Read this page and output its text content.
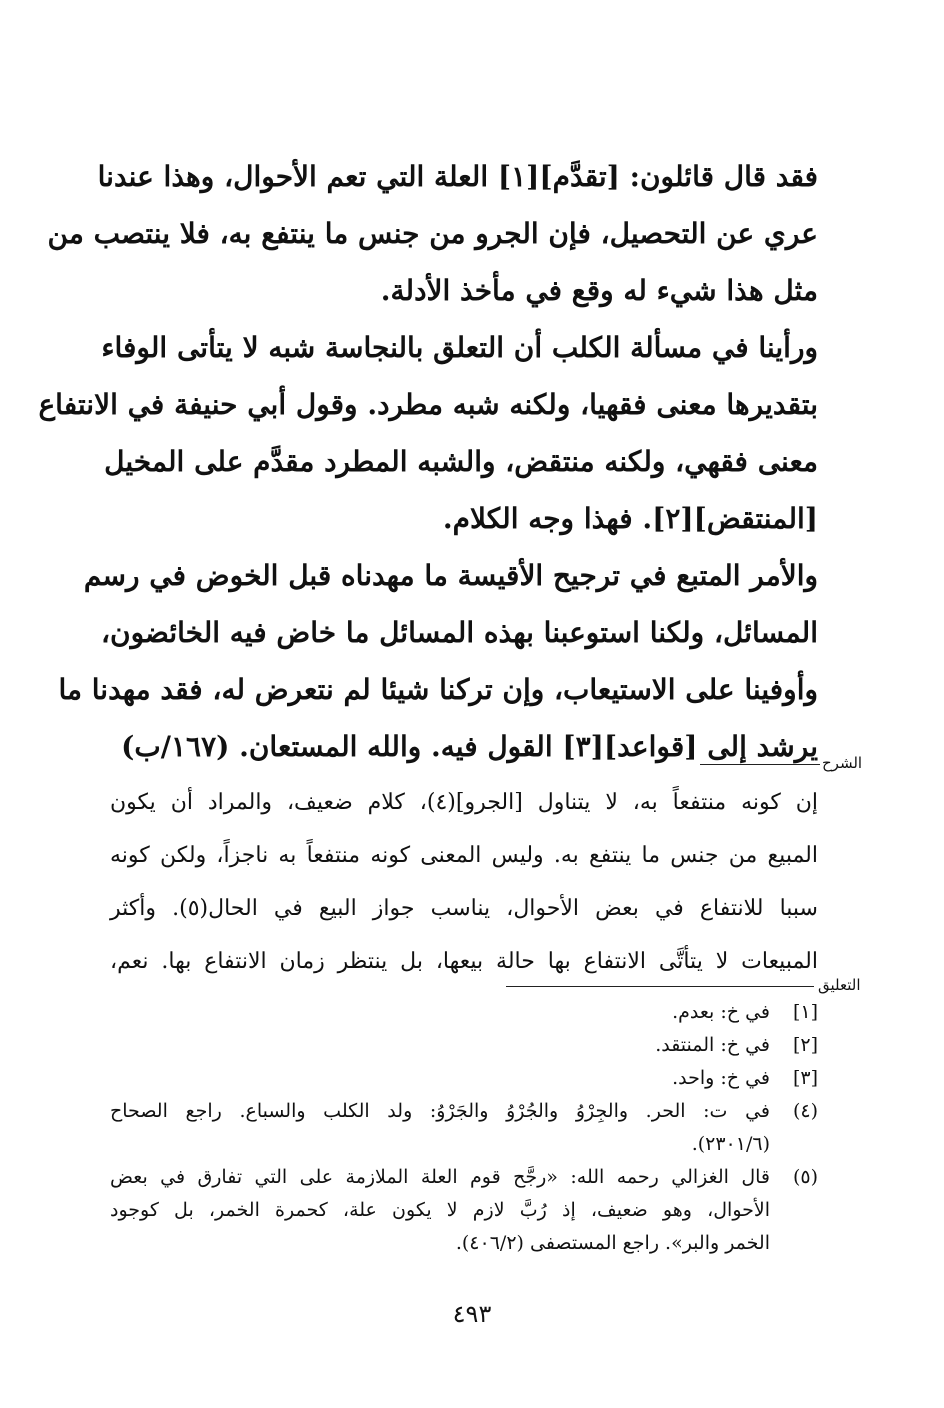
فقد قال قائلون: [تقدَّم][١] العلة التي تعم الأحوال، وهذا عندنا
عري عن التحصيل، فإن الجرو من جنس ما ينتفع به، فلا ينتصب من
مثل هذا شيء له وقع في مأخذ الأدلة.
ورأينا في مسألة الكلب أن التعلق بالنجاسة شبه لا يتأتى الوفاء
بتقديرها معنى فقهيا، ولكنه شبه مطرد. وقول أبي حنيفة في الانتفاع
معنى فقهي، ولكنه منتقض، والشبه المطرد مقدَّم على المخيل
[المنتقض][٢]. فهذا وجه الكلام.
والأمر المتبع في ترجيح الأقيسة ما مهدناه قبل الخوض في رسم
المسائل، ولكنا استوعبنا بهذه المسائل ما خاض فيه الخائضون،
وأوفينا على الاستيعاب، وإن تركنا شيئا لم نتعرض له، فقد مهدنا ما
يرشد إلى [قواعد][٣] القول فيه. والله المستعان. (١٦٧/ب) الشرح
إن كونه منتفعاً به، لا يتناول [الجرو](٤)، كلام ضعيف، والمراد أن يكون
المبيع من جنس ما ينتفع به. وليس المعنى كونه منتفعاً به ناجزاً، ولكن كونه
سببا للانتفاع في بعض الأحوال، يناسب جواز البيع في الحال(٥). وأكثر
المبيعات لا يتأتَّى الانتفاع بها حالة بيعها، بل ينتظر زمان الانتفاع بها. نعم،
التعليق
[١]
في خ: بعدم.
[٢]
في خ: المنتقد.
[٣]
في خ: واحد.
(٤)
في ت: الحر. والجِرْوُ والجُرْوُ والجَرْوُ: ولد الكلب والسباع. راجع الصحاح
(٢٣٠١/٦).
(٥)
قال الغزالي رحمه الله: «رجَّح قوم العلة الملازمة على التي تفارق في بعض
الأحوال، وهو ضعيف، إذ رُبَّ لازم لا يكون علة، كحمرة الخمر، بل كوجود
الخمر والبر». راجع المستصفى (٤٠٦/٢).
٤٩٣
